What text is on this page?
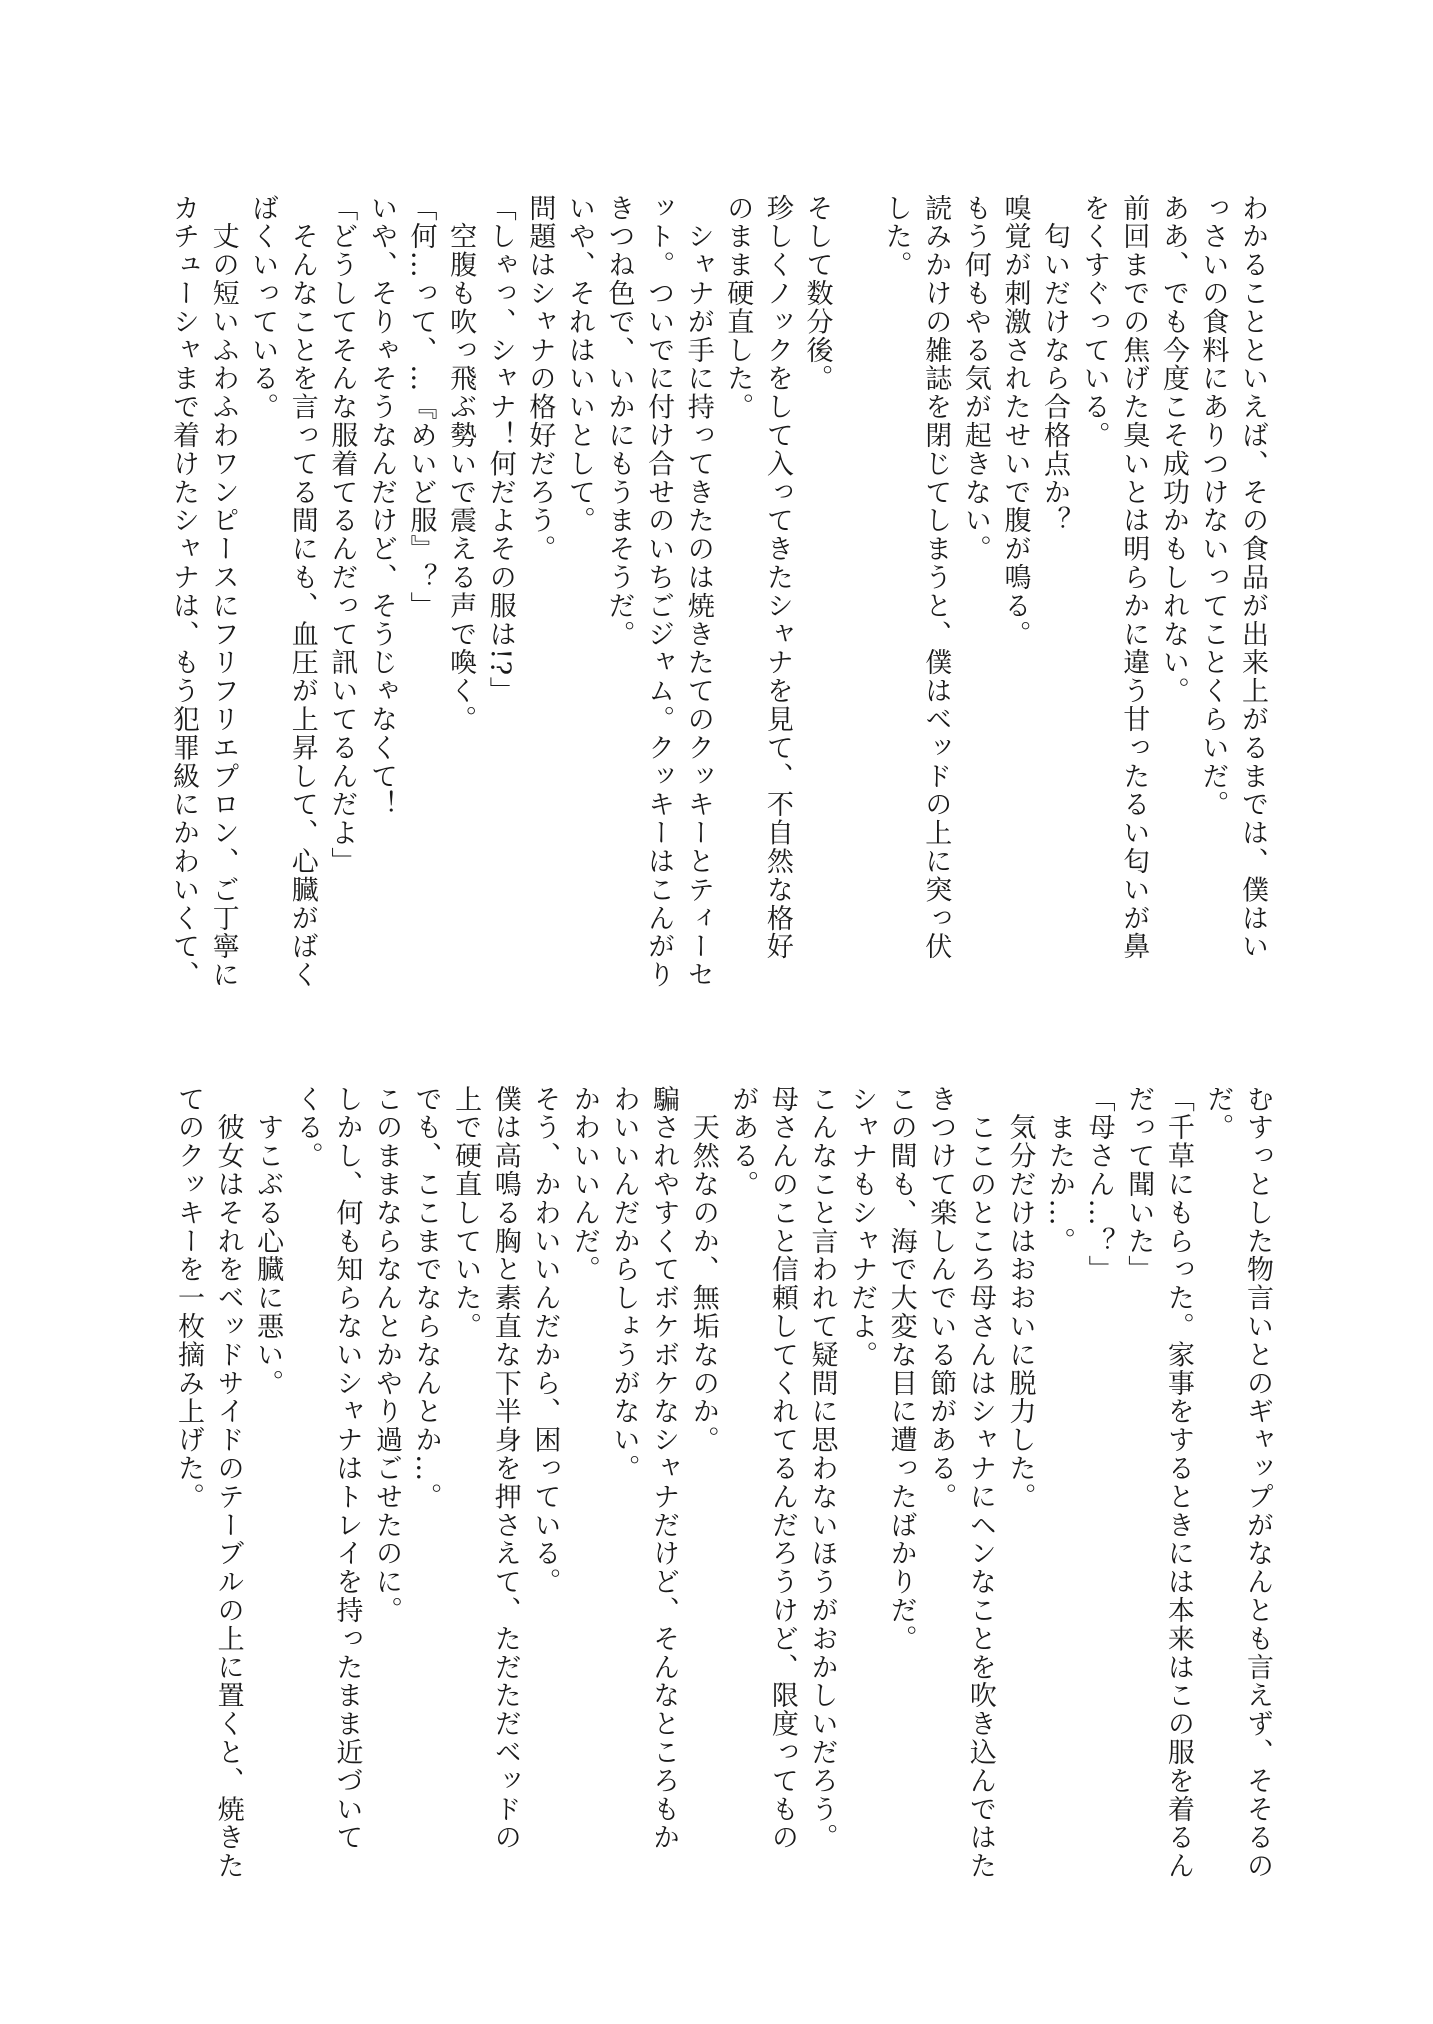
わかることといえば、その食品が出来上がるまでは、僕はい
っさいの食料にありつけないってことくらいだ。
ああ、でも今度こそ成功かもしれない。
前回までの焦げた臭いとは明らかに違う甘ったるい匂いが鼻
をくすぐっている。
　匂いだけなら合格点か？
嗅覚が刺激されたせいで腹が鳴る。
もう何もやる気が起きない。
読みかけの雑誌を閉じてしまうと、僕はベッドの上に突っ伏
した。
そして数分後。
珍しくノックをして入ってきたシャナを見て、不自然な格好
のまま硬直した。
　シャナが手に持ってきたのは焼きたてのクッキーとティーセ
ット。ついでに付け合せのいちごジャム。クッキーはこんがり
きつね色で、いかにもうまそうだ。
いや、それはいいとして。
問題はシャナの格好だろう。
「しゃっ、シャナ！何だよその服は!?」
　空腹も吹っ飛ぶ勢いで震える声で喚く。
「何…って、…『めいど服』？」
いや、そりゃそうなんだけど、そうじゃなくて！
「どうしてそんな服着てるんだって訊いてるんだよ」
　そんなことを言ってる間にも、血圧が上昇して、心臓がばく
ばくいっている。
　丈の短いふわふわワンピースにフリフリエプロン、ご丁寧に
カチューシャまで着けたシャナは、もう犯罪級にかわいくて、
むすっとした物言いとのギャップがなんとも言えず、そそるの
だ。
「千草にもらった。家事をするときには本来はこの服を着るん
だって聞いた」
「母さん…？」
　またか…。
　気分だけはおおいに脱力した。
　ここのところ母さんはシャナにヘンなことを吹き込んではた
きつけて楽しんでいる節がある。
この間も、海で大変な目に遭ったばかりだ。
シャナもシャナだよ。
こんなこと言われて疑問に思わないほうがおかしいだろう。
母さんのこと信頼してくれてるんだろうけど、限度ってもの
がある。
　天然なのか、無垢なのか。
騙されやすくてボケボケなシャナだけど、そんなところもか
わいいんだからしょうがない。
かわいいんだ。
そう、かわいいんだから、困っている。
僕は高鳴る胸と素直な下半身を押さえて、ただただベッドの
上で硬直していた。
でも、ここまでならなんとか…。
このままならなんとかやり過ごせたのに。
しかし、何も知らないシャナはトレイを持ったまま近づいて
くる。
　すこぶる心臓に悪い。
　彼女はそれをベッドサイドのテーブルの上に置くと、焼きた
てのクッキーを一枚摘み上げた。
